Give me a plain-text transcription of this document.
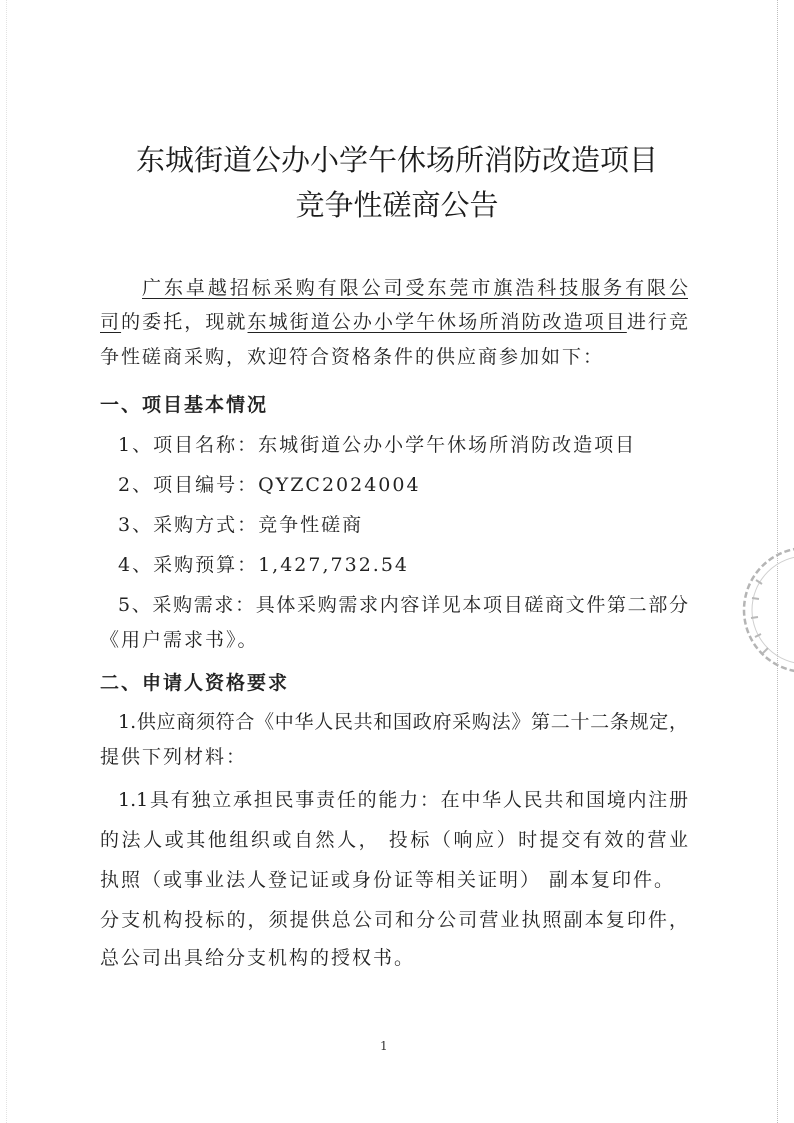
东城街道公办小学午休场所消防改造项目
竞争性磋商公告
广东卓越招标采购有限公司受东莞市旗浩科技服务有限公
司的委托，现就东城街道公办小学午休场所消防改造项目进行竞
争性磋商采购，欢迎符合资格条件的供应商参加如下：
一、项目基本情况
1、项目名称：东城街道公办小学午休场所消防改造项目
2、项目编号：QYZC2024004
3、采购方式：竞争性磋商
4、采购预算：1,427,732.54
5、采购需求：具体采购需求内容详见本项目磋商文件第二部分
《用户需求书》。
二、申请人资格要求
1.供应商须符合《中华人民共和国政府采购法》第二十二条规定，
提供下列材料：
1.1具有独立承担民事责任的能力：在中华人民共和国境内注册
的法人或其他组织或自然人， 投标（响应）时提交有效的营业
执照（或事业法人登记证或身份证等相关证明） 副本复印件。
分支机构投标的，须提供总公司和分公司营业执照副本复印件，
总公司出具给分支机构的授权书。
1
